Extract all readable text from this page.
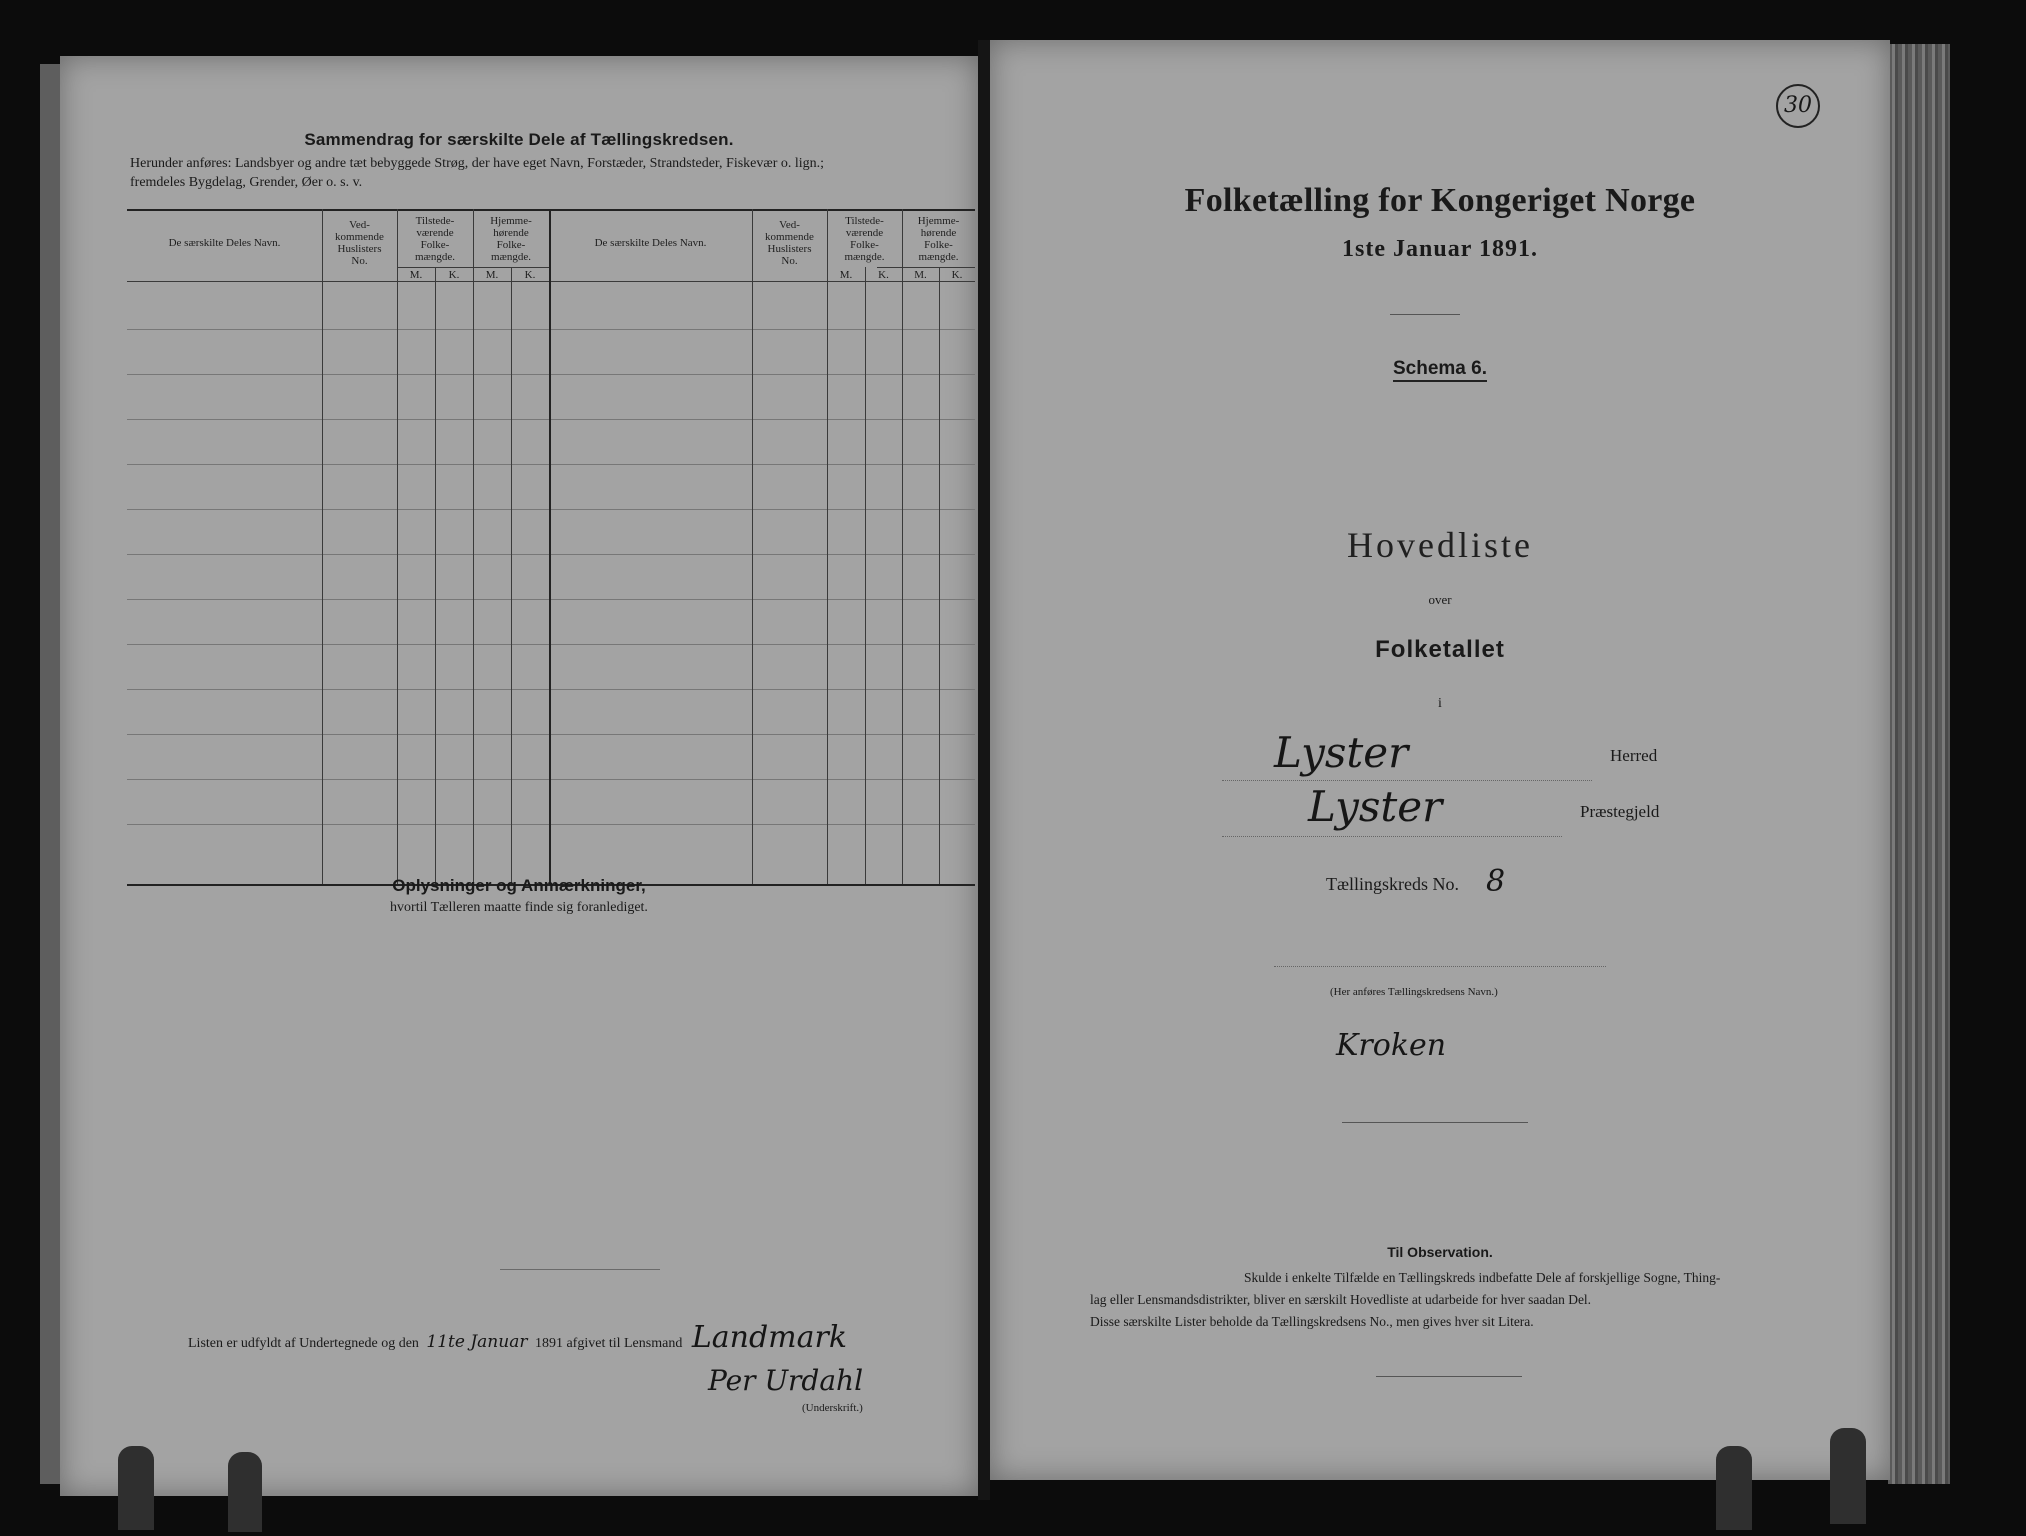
Sammendrag for særskilte Dele af Tællingskredsen.
Herunder anføres: Landsbyer og andre tæt bebyggede Strøg, der have eget Navn, Forstæder, Strandsteder, Fiskevær o. lign.;
fremdeles Bygdelag, Grender, Øer o. s. v.
De særskilte Deles Navn.
Ved-
kommende
Huslisters
No.
Tilstede-
værende
Folke-
mængde.
Hjemme-
hørende
Folke-
mængde.
M.	K.	M.	K.
De særskilte Deles Navn.
Ved-
kommende
Huslisters
No.
Tilstede-
værende
Folke-
mængde.
Hjemme-
hørende
Folke-
mængde.
M.	K.	M.	K.
Oplysninger og Anmærkninger,
hvortil Tælleren maatte finde sig foranlediget.
Listen er udfyldt af Undertegnede og den 11te Januar 1891 afgivet til Lensmand Landmark
Per Urdahl
(Underskrift.)
30
Folketælling for Kongeriget Norge
1ste Januar 1891.
Schema 6.
Hovedliste
over
Folketallet
i
Lyster	Herred
Lyster	Præstegjeld
Tællingskreds No. 8
(Her anføres Tællingskredsens Navn.)
Kroken
Til Observation.
Skulde i enkelte Tilfælde en Tællingskreds indbefatte Dele af forskjellige Sogne, Thing-
lag eller Lensmandsdistrikter, bliver en særskilt Hovedliste at udarbeide for hver saadan Del.
Disse særskilte Lister beholde da Tællingskredsens No., men gives hver sit Litera.
